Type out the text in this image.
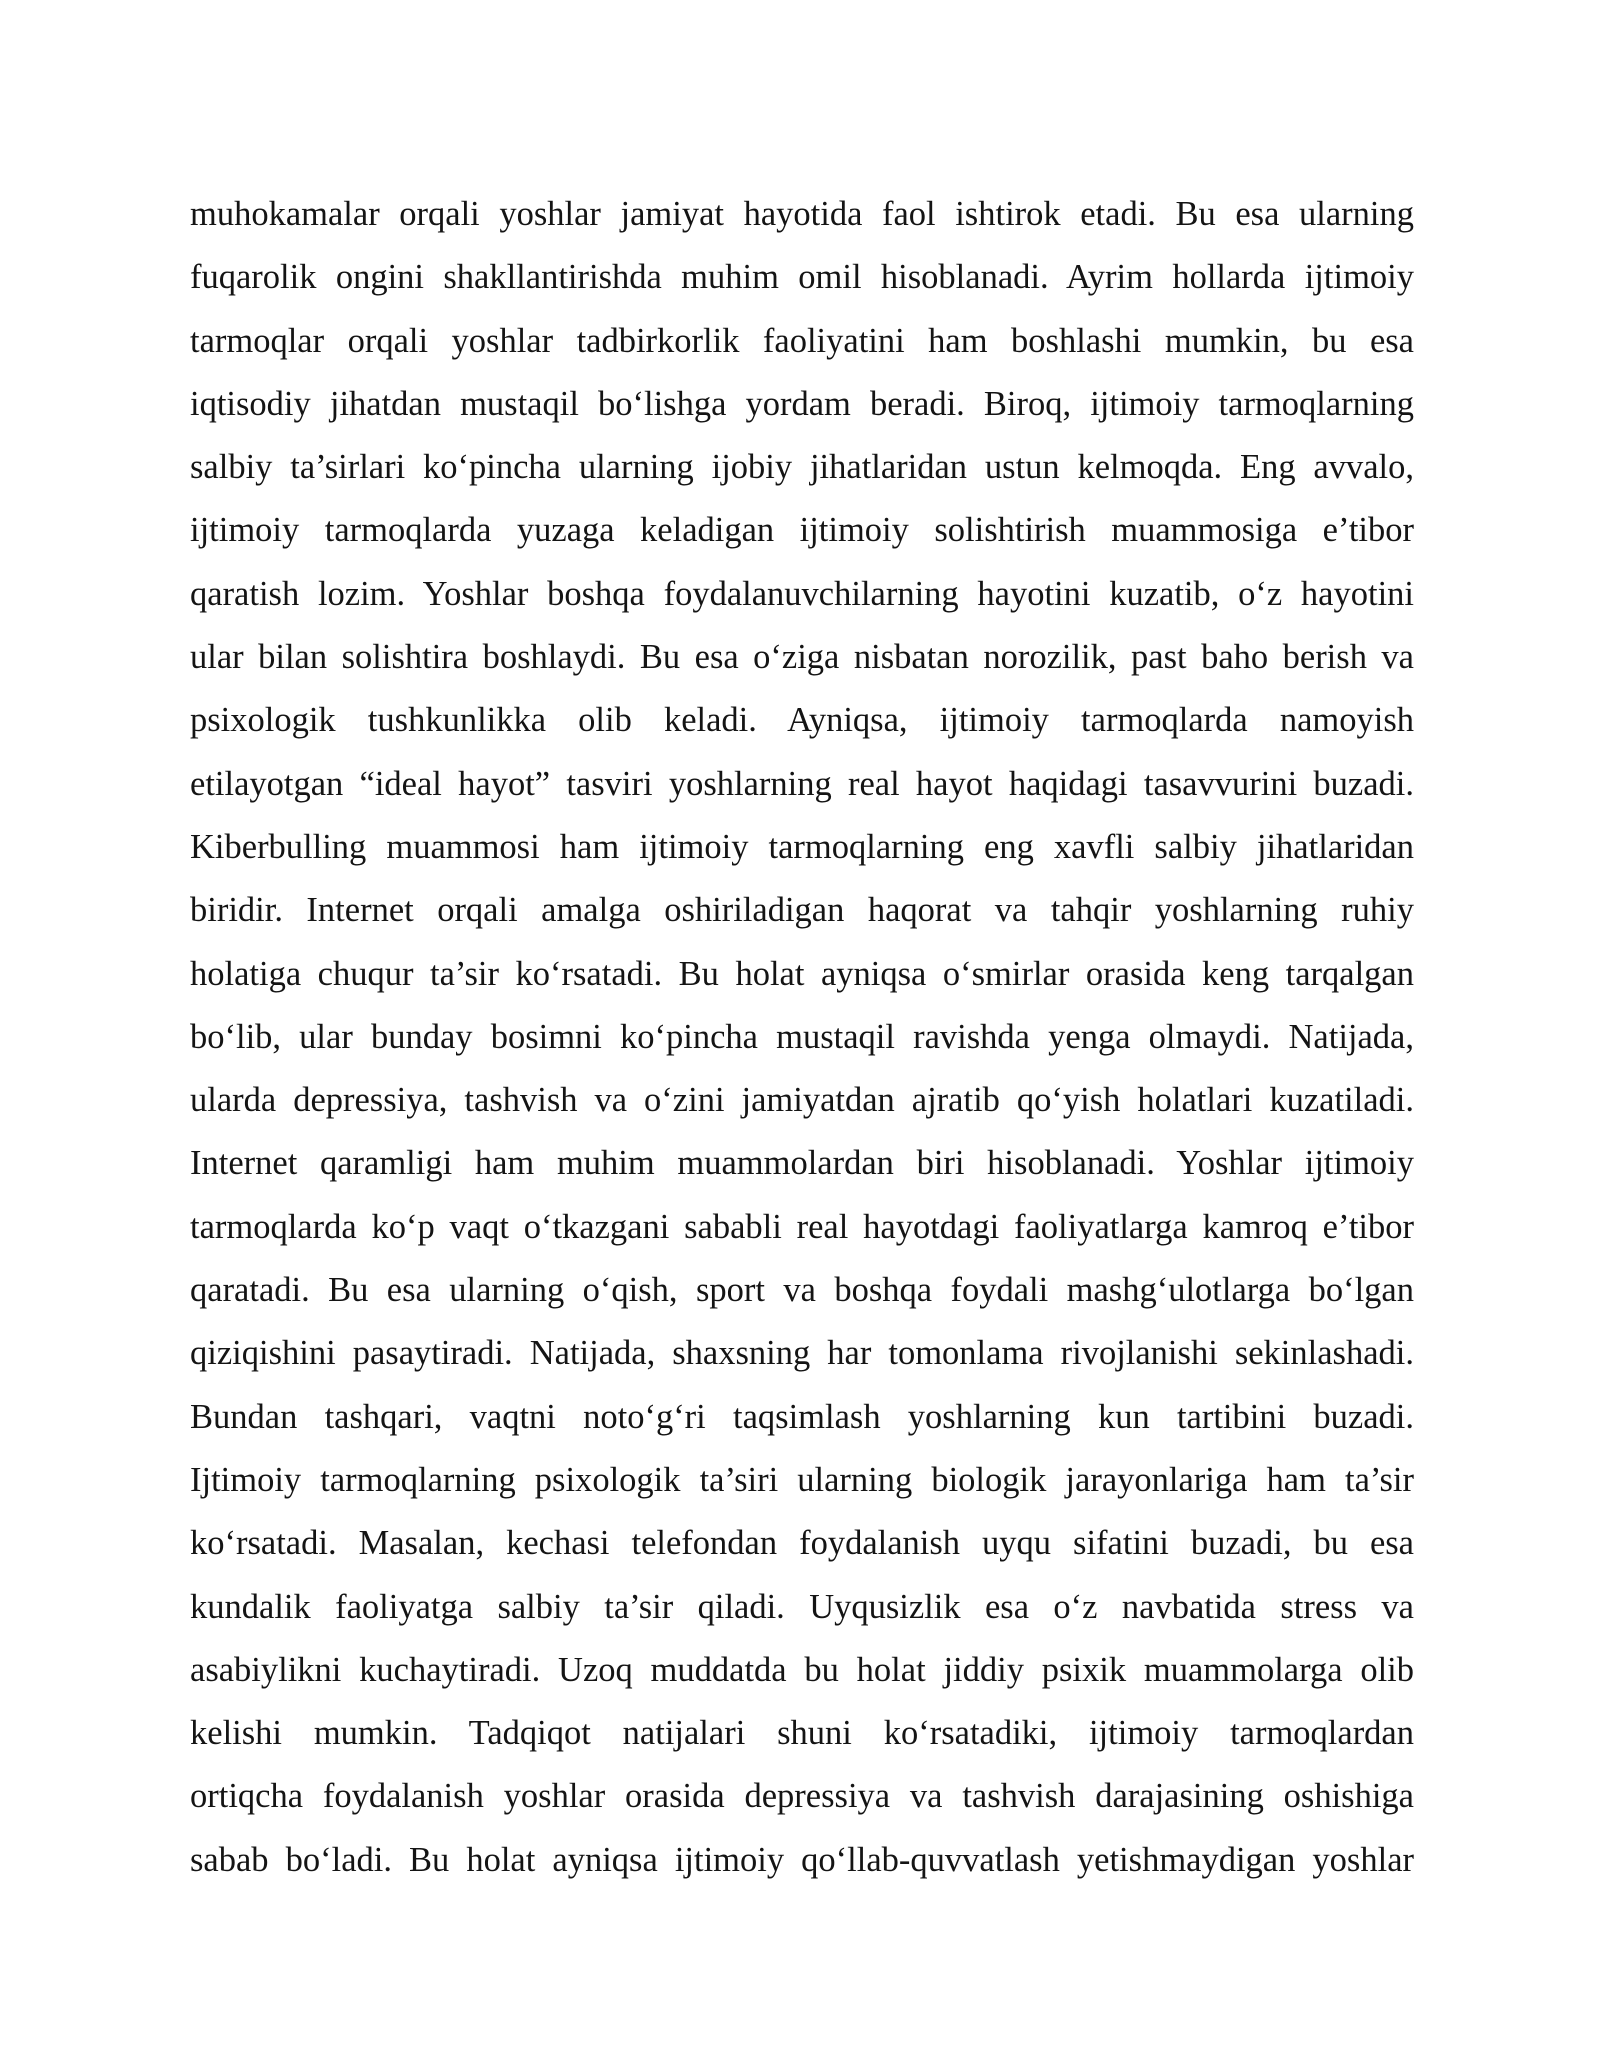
muhokamalar orqali yoshlar jamiyat hayotida faol ishtirok etadi. Bu esa ularning
fuqarolik ongini shakllantirishda muhim omil hisoblanadi. Ayrim hollarda ijtimoiy
tarmoqlar orqali yoshlar tadbirkorlik faoliyatini ham boshlashi mumkin, bu esa
iqtisodiy jihatdan mustaqil bo‘lishga yordam beradi. Biroq, ijtimoiy tarmoqlarning
salbiy ta’sirlari ko‘pincha ularning ijobiy jihatlaridan ustun kelmoqda. Eng avvalo,
ijtimoiy tarmoqlarda yuzaga keladigan ijtimoiy solishtirish muammosiga e’tibor
qaratish lozim. Yoshlar boshqa foydalanuvchilarning hayotini kuzatib, o‘z hayotini
ular bilan solishtira boshlaydi. Bu esa o‘ziga nisbatan norozilik, past baho berish va
psixologik tushkunlikka olib keladi. Ayniqsa, ijtimoiy tarmoqlarda namoyish
etilayotgan “ideal hayot” tasviri yoshlarning real hayot haqidagi tasavvurini buzadi.
Kiberbulling muammosi ham ijtimoiy tarmoqlarning eng xavfli salbiy jihatlaridan
biridir. Internet orqali amalga oshiriladigan haqorat va tahqir yoshlarning ruhiy
holatiga chuqur ta’sir ko‘rsatadi. Bu holat ayniqsa o‘smirlar orasida keng tarqalgan
bo‘lib, ular bunday bosimni ko‘pincha mustaqil ravishda yenga olmaydi. Natijada,
ularda depressiya, tashvish va o‘zini jamiyatdan ajratib qo‘yish holatlari kuzatiladi.
Internet qaramligi ham muhim muammolardan biri hisoblanadi. Yoshlar ijtimoiy
tarmoqlarda ko‘p vaqt o‘tkazgani sababli real hayotdagi faoliyatlarga kamroq e’tibor
qaratadi. Bu esa ularning o‘qish, sport va boshqa foydali mashg‘ulotlarga bo‘lgan
qiziqishini pasaytiradi. Natijada, shaxsning har tomonlama rivojlanishi sekinlashadi.
Bundan tashqari, vaqtni noto‘g‘ri taqsimlash yoshlarning kun tartibini buzadi.
Ijtimoiy tarmoqlarning psixologik ta’siri ularning biologik jarayonlariga ham ta’sir
ko‘rsatadi. Masalan, kechasi telefondan foydalanish uyqu sifatini buzadi, bu esa
kundalik faoliyatga salbiy ta’sir qiladi. Uyqusizlik esa o‘z navbatida stress va
asabiylikni kuchaytiradi. Uzoq muddatda bu holat jiddiy psixik muammolarga olib
kelishi mumkin. Tadqiqot natijalari shuni ko‘rsatadiki, ijtimoiy tarmoqlardan
ortiqcha foydalanish yoshlar orasida depressiya va tashvish darajasining oshishiga
sabab bo‘ladi. Bu holat ayniqsa ijtimoiy qo‘llab-quvvatlash yetishmaydigan yoshlar
